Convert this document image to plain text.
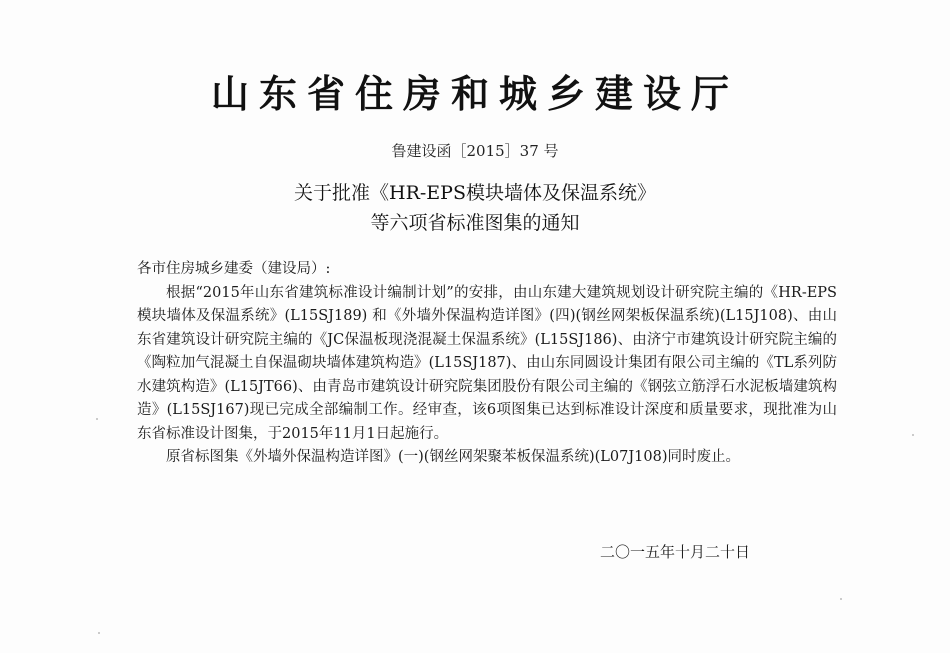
山东省住房和城乡建设厅
鲁建设函［2015］37 号
关于批准《HR-EPS模块墙体及保温系统》
等六项省标准图集的通知

各市住房城乡建委（建设局）:

根据“2015年山东省建筑标准设计编制计划”的安排，由山东建大建筑规划设计研究院主编的《HR-EPS模块墙体及保温系统》(L15SJ189) 和《外墙外保温构造详图》(四)(钢丝网架板保温系统)(L15J108)、由山东省建筑设计研究院主编的《JC保温板现浇混凝土保温系统》(L15SJ186)、由济宁市建筑设计研究院主编的《陶粒加气混凝土自保温砌块墙体建筑构造》(L15SJ187)、由山东同圆设计集团有限公司主编的《TL系列防水建筑构造》(L15JT66)、由青岛市建筑设计研究院集团股份有限公司主编的《钢弦立筋浮石水泥板墙建筑构造》(L15SJ167)现已完成全部编制工作。经审查，该6项图集已达到标准设计深度和质量要求，现批准为山东省标准设计图集，于2015年11月1日起施行。

原省标图集《外墙外保温构造详图》(一)(钢丝网架聚苯板保温系统)(L07J108)同时废止。

二〇一五年十月二十日
